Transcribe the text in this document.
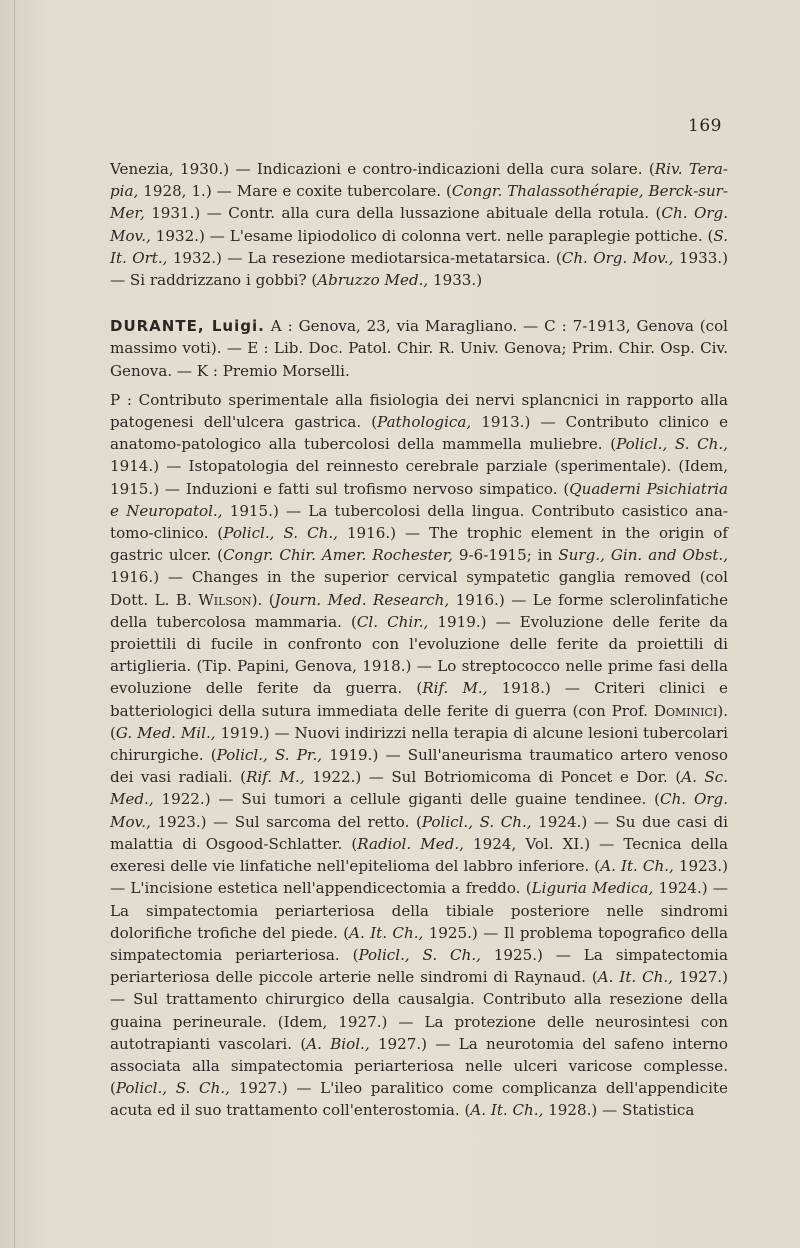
169

Venezia, 1930.) — Indicazioni e contro-indicazioni della cura solare. (Riv. Terapia, 1928, 1.) — Mare e coxite tubercolare. (Congr. Thalassothérapie, Berck-sur-Mer, 1931.) — Contr. alla cura della lussazione abituale della rotula. (Ch. Org. Mov., 1932.) — L'esame lipiodolico di colonna vert. nelle paraplegie pottiche. (S. It. Ort., 1932.) — La resezione mediotarsica-metatarsica. (Ch. Org. Mov., 1933.) — Si raddrizzano i gobbi? (Abruzzo Med., 1933.)

DURANTE, Luigi. A : Genova, 23, via Maragliano. — C : 7-1913, Genova (col massimo voti). — E : Lib. Doc. Patol. Chir. R. Univ. Genova; Prim. Chir. Osp. Civ. Genova. — K : Premio Morselli.

P : Contributo sperimentale alla fisiologia dei nervi splancnici in rapporto alla patogenesi dell'ulcera gastrica. (Pathologica, 1913.) — Contributo clinico e anatomo-patologico alla tubercolosi della mammella muliebre. (Policl., S. Ch., 1914.) — Istopatologia del reinnesto cerebrale parziale (sperimentale). (Idem, 1915.) — Induzioni e fatti sul trofismo nervoso simpatico. (Quaderni Psichiatria e Neuropatol., 1915.) — La tubercolosi della lingua. Contributo casistico anatomo-clinico. (Policl., S. Ch., 1916.) — The trophic element in the origin of gastric ulcer. (Congr. Chir. Amer. Rochester, 9-6-1915; in Surg., Gin. and Obst., 1916.) — Changes in the superior cervical sympatetic ganglia removed (col Dott. L. B. Wilson). (Journ. Med. Research, 1916.) — Le forme sclerolinfatiche della tubercolosa mammaria. (Cl. Chir., 1919.) — Evoluzione delle ferite da proiettili di fucile in confronto con l'evoluzione delle ferite da proiettili di artiglieria. (Tip. Papini, Genova, 1918.) — Lo streptococco nelle prime fasi della evoluzione delle ferite da guerra. (Rif. M., 1918.) — Criteri clinici e batteriologici della sutura immediata delle ferite di guerra (con Prof. Dominici). (G. Med. Mil., 1919.) — Nuovi indirizzi nella terapia di alcune lesioni tubercolari chirurgiche. (Policl., S. Pr., 1919.) — Sull'aneurisma traumatico artero venoso dei vasi radiali. (Rif. M., 1922.) — Sul Botriomicoma di Poncet e Dor. (A. Sc. Med., 1922.) — Sui tumori a cellule giganti delle guaine tendinee. (Ch. Org. Mov., 1923.) — Sul sarcoma del retto. (Policl., S. Ch., 1924.) — Su due casi di malattia di Osgood-Schlatter. (Radiol. Med., 1924, Vol. XI.) — Tecnica della exeresi delle vie linfatiche nell'epitelioma del labbro inferiore. (A. It. Ch., 1923.) — L'incisione estetica nell'appendicectomia a freddo. (Liguria Medica, 1924.) — La simpatectomia periarteriosa della tibiale posteriore nelle sindromi dolorifiche trofiche del piede. (A. It. Ch., 1925.) — Il problema topografico della simpatectomia periarteriosa. (Policl., S. Ch., 1925.) — La simpatectomia periarteriosa delle piccole arterie nelle sindromi di Raynaud. (A. It. Ch., 1927.) — Sul trattamento chirurgico della causalgia. Contributo alla resezione della guaina perineurale. (Idem, 1927.) — La protezione delle neurosintesi con autotrapianti vascolari. (A. Biol., 1927.) — La neurotomia del safeno interno associata alla simpatectomia periarteriosa nelle ulceri varicose complesse. (Policl., S. Ch., 1927.) — L'ileo paralitico come complicanza dell'appendicite acuta ed il suo trattamento coll'enterostomia. (A. It. Ch., 1928.) — Statistica
